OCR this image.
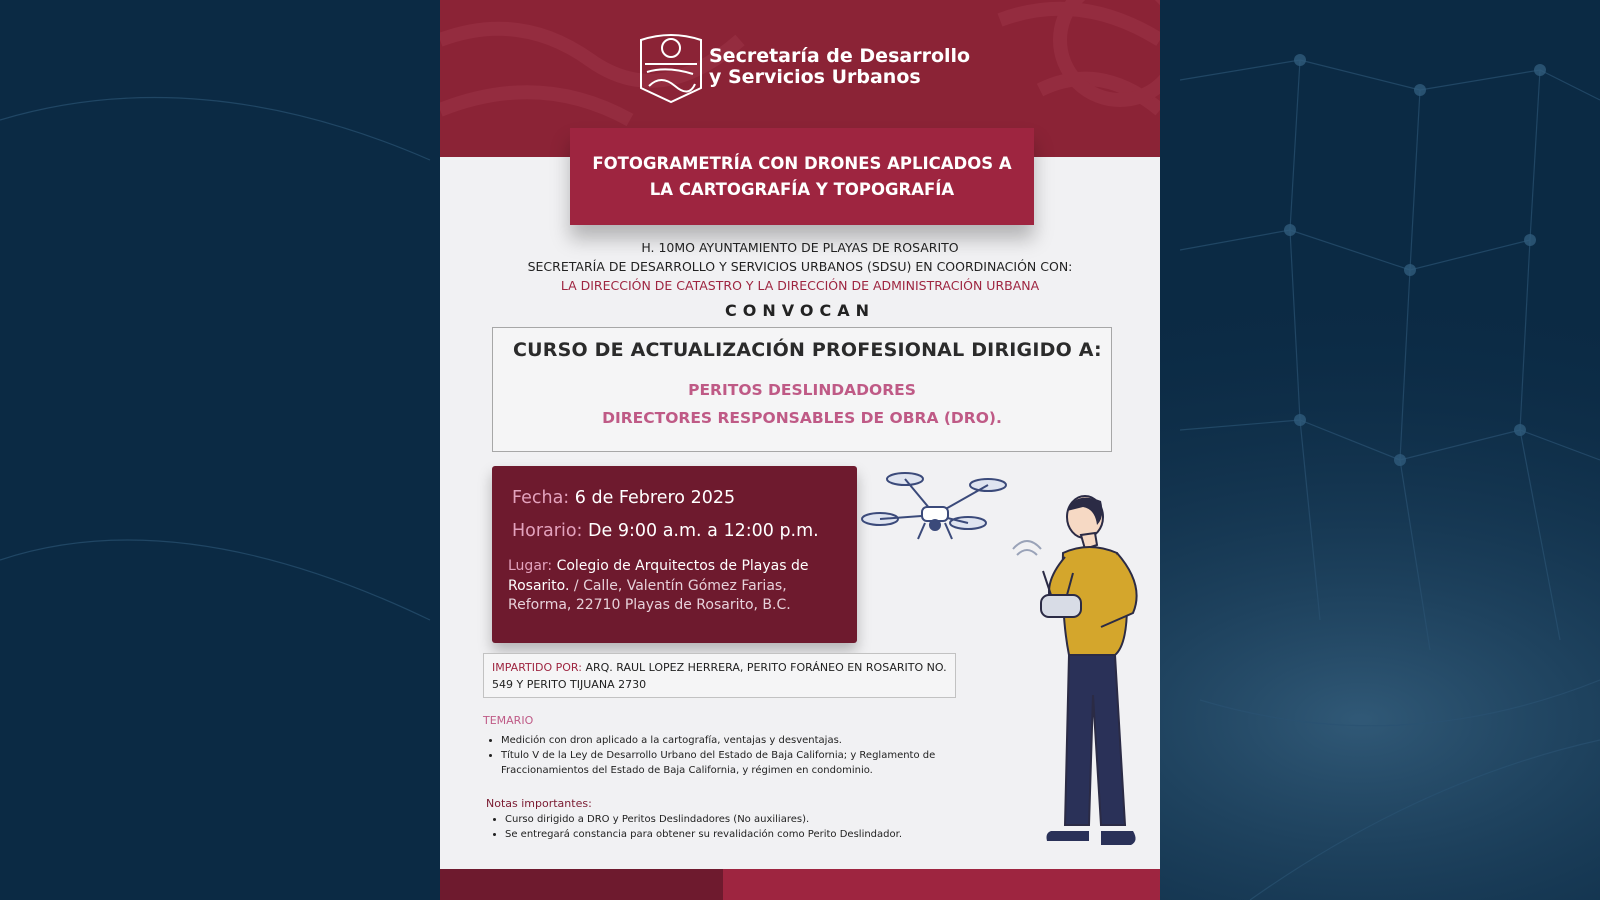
Secretaría de Desarrollo
y Servicios Urbanos
FOTOGRAMETRÍA CON DRONES APLICADOS A
LA CARTOGRAFÍA Y TOPOGRAFÍA
H. 10MO AYUNTAMIENTO DE PLAYAS DE ROSARITO
SECRETARÍA DE DESARROLLO Y SERVICIOS URBANOS (SDSU) EN COORDINACIÓN CON:
LA DIRECCIÓN DE CATASTRO Y LA DIRECCIÓN DE ADMINISTRACIÓN URBANA
CONVOCAN
CURSO DE ACTUALIZACIÓN PROFESIONAL DIRIGIDO A:
PERITOS DESLINDADORES
DIRECTORES RESPONSABLES DE OBRA (DRO).
Fecha: 6 de Febrero 2025
Horario: De 9:00 a.m. a 12:00 p.m.
Lugar: Colegio de Arquitectos de Playas de Rosarito. / Calle, Valentín Gómez Farias, Reforma, 22710 Playas de Rosarito, B.C.
IMPARTIDO POR: ARQ. RAUL LOPEZ HERRERA, PERITO FORÁNEO EN ROSARITO NO. 549 Y PERITO TIJUANA 2730
TEMARIO
• Medición con dron aplicado a la cartografía, ventajas y desventajas.
• Título V de la Ley de Desarrollo Urbano del Estado de Baja California; y Reglamento de Fraccionamientos del Estado de Baja California, y régimen en condominio.
Notas importantes:
• Curso dirigido a DRO y Peritos Deslindadores (No auxiliares).
• Se entregará constancia para obtener su revalidación como Perito Deslindador.
